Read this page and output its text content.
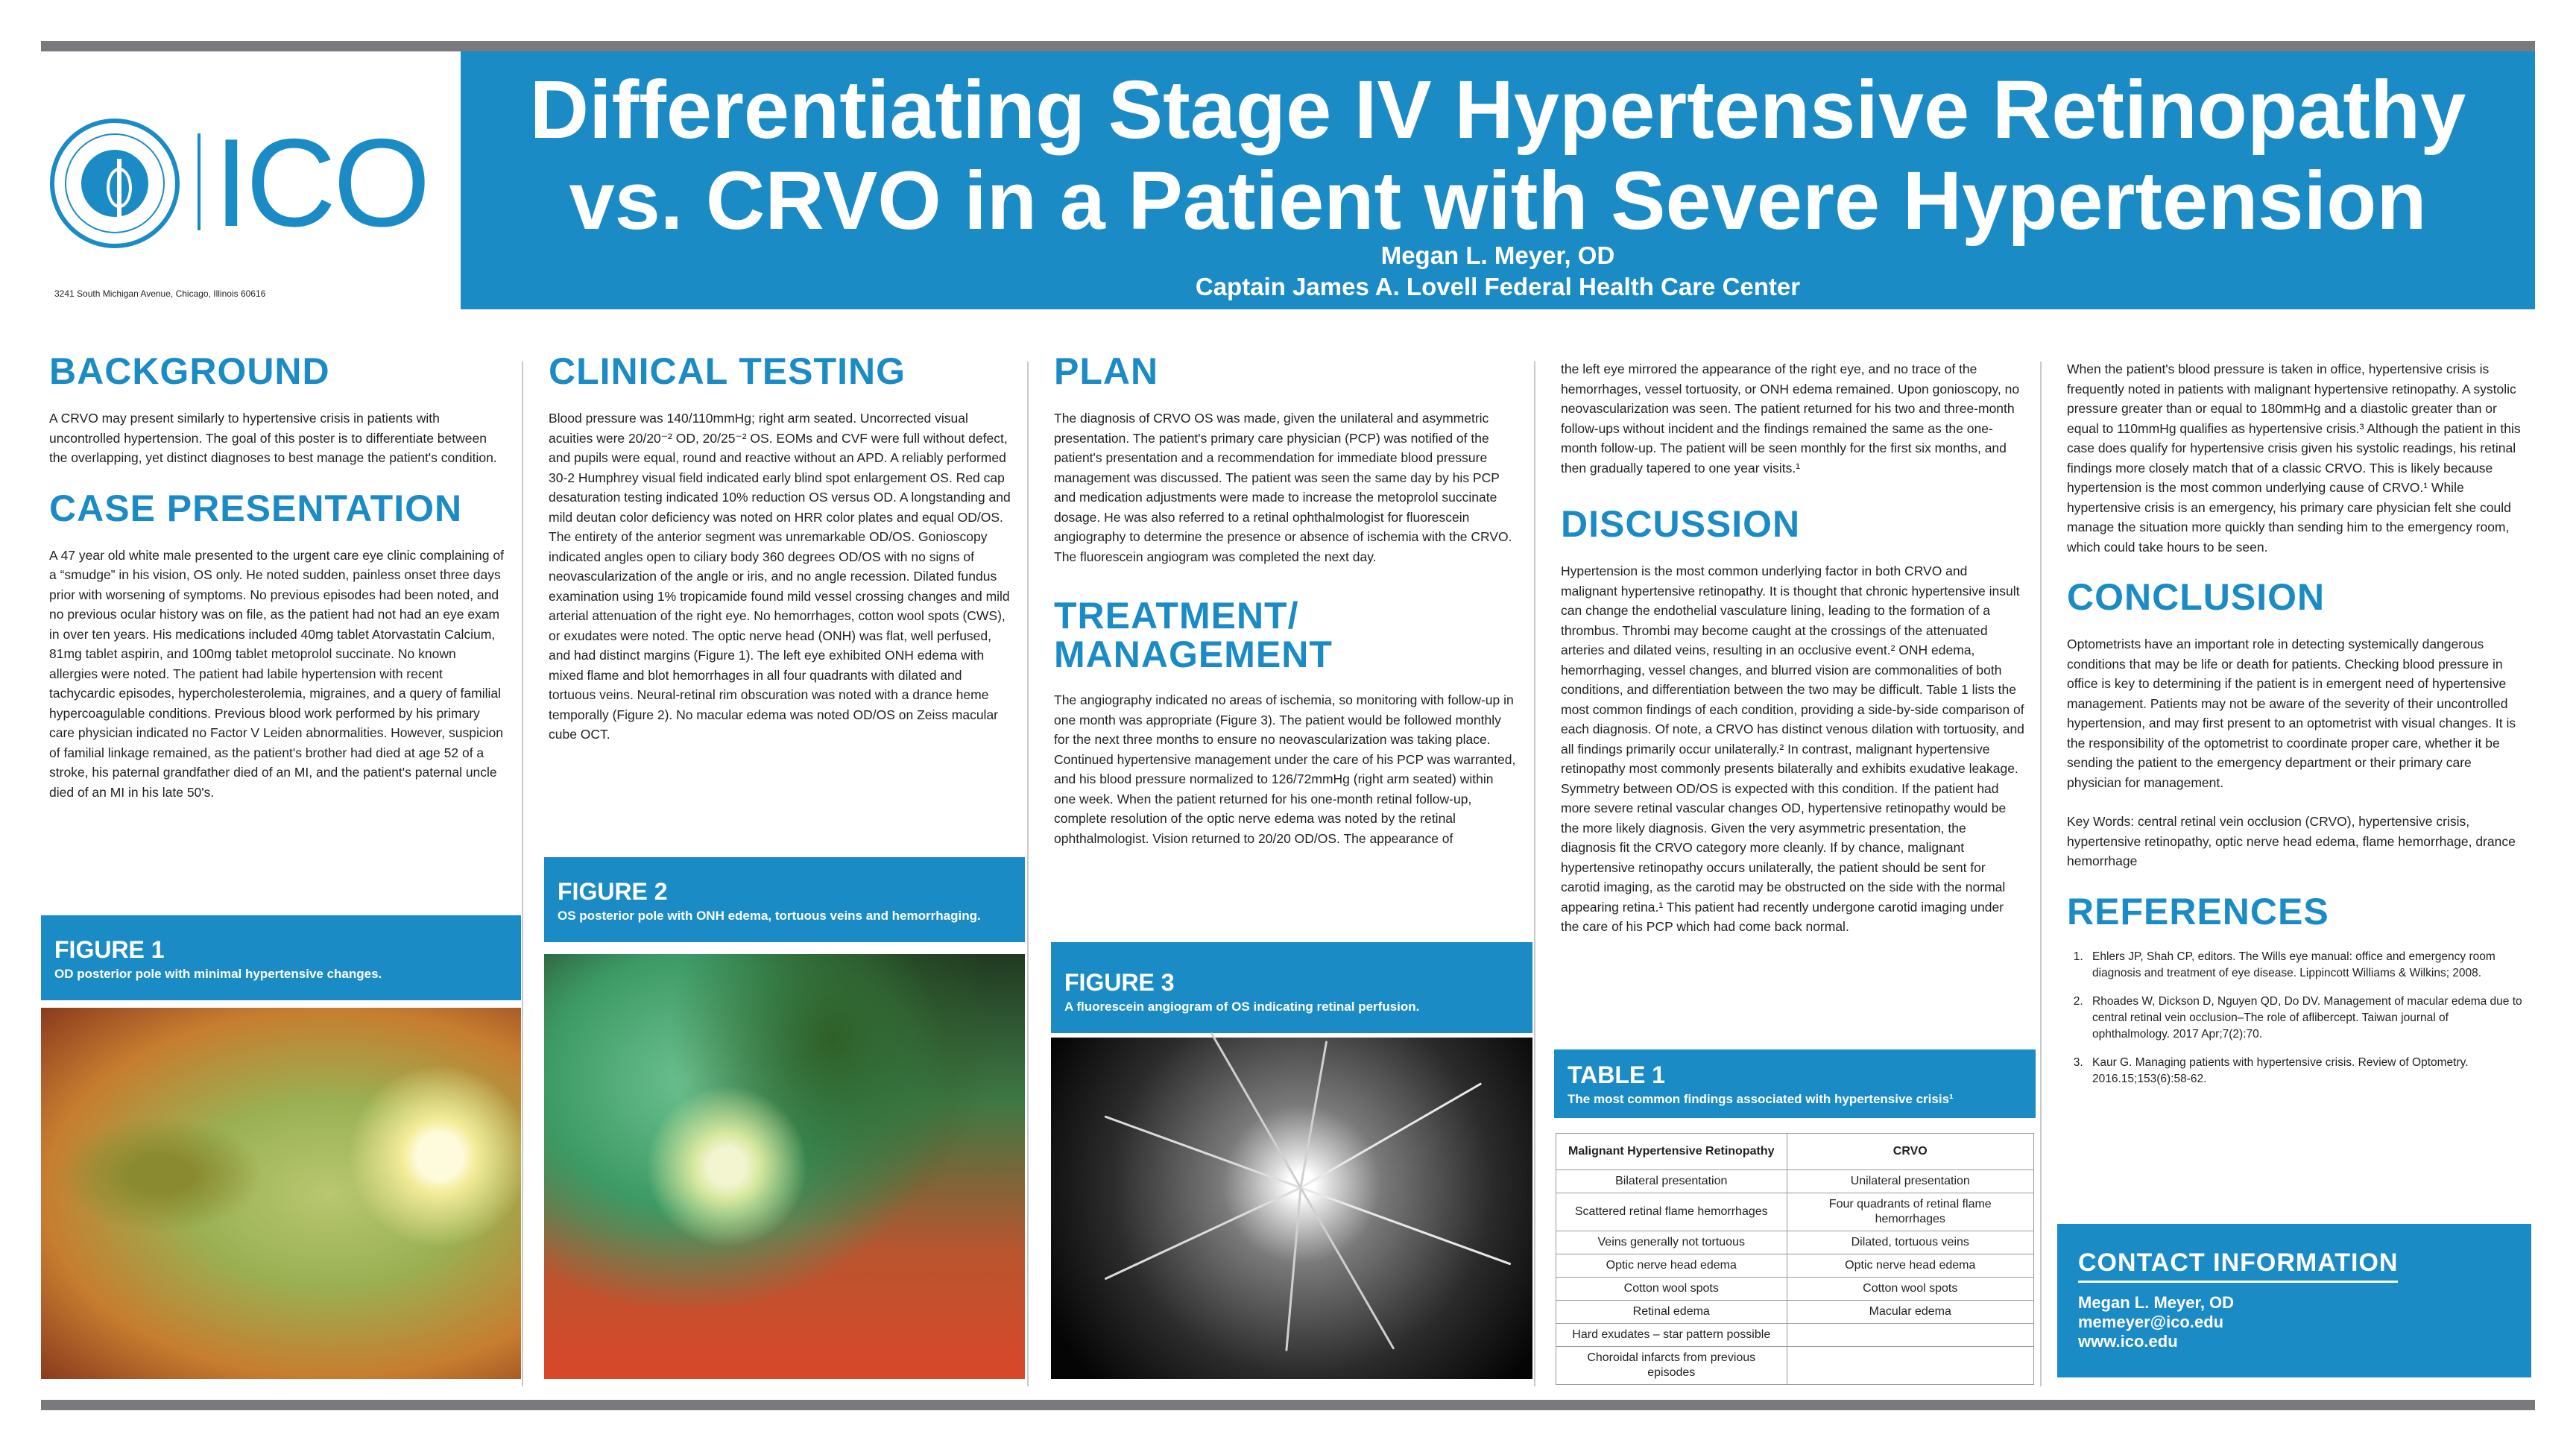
ICO
3241 South Michigan Avenue, Chicago, Illinois 60616
Differentiating Stage IV Hypertensive Retinopathy
vs. CRVO in a Patient with Severe Hypertension
Megan L. Meyer, OD
Captain James A. Lovell Federal Health Care Center
BACKGROUND

A CRVO may present similarly to hypertensive crisis in patients with uncontrolled hypertension. The goal of this poster is to differentiate between the overlapping, yet distinct diagnoses to best manage the patient's condition.

CASE PRESENTATION

A 47 year old white male presented to the urgent care eye clinic complaining of a “smudge” in his vision, OS only. He noted sudden, painless onset three days prior with worsening of symptoms. No previous episodes had been noted, and no previous ocular history was on file, as the patient had not had an eye exam in over ten years. His medications included 40mg tablet Atorvastatin Calcium, 81mg tablet aspirin, and 100mg tablet metoprolol succinate. No known allergies were noted. The patient had labile hypertension with recent tachycardic episodes, hypercholesterolemia, migraines, and a query of familial hypercoagulable conditions. Previous blood work performed by his primary care physician indicated no Factor V Leiden abnormalities. However, suspicion of familial linkage remained, as the patient's brother had died at age 52 of a stroke, his paternal grandfather died of an MI, and the patient's paternal uncle died of an MI in his late 50's.

FIGURE 1
OD posterior pole with minimal hypertensive changes.
CLINICAL TESTING

Blood pressure was 140/110mmHg; right arm seated. Uncorrected visual acuities were 20/20⁻² OD, 20/25⁻² OS. EOMs and CVF were full without defect, and pupils were equal, round and reactive without an APD. A reliably performed 30-2 Humphrey visual field indicated early blind spot enlargement OS. Red cap desaturation testing indicated 10% reduction OS versus OD. A longstanding and mild deutan color deficiency was noted on HRR color plates and equal OD/OS. The entirety of the anterior segment was unremarkable OD/OS. Gonioscopy indicated angles open to ciliary body 360 degrees OD/OS with no signs of neovascularization of the angle or iris, and no angle recession. Dilated fundus examination using 1% tropicamide found mild vessel crossing changes and mild arterial attenuation of the right eye. No hemorrhages, cotton wool spots (CWS), or exudates were noted. The optic nerve head (ONH) was flat, well perfused, and had distinct margins (Figure 1). The left eye exhibited ONH edema with mixed flame and blot hemorrhages in all four quadrants with dilated and tortuous veins. Neural-retinal rim obscuration was noted with a drance heme temporally (Figure 2). No macular edema was noted OD/OS on Zeiss macular cube OCT.

FIGURE 2
OS posterior pole with ONH edema, tortuous veins and hemorrhaging.
PLAN

The diagnosis of CRVO OS was made, given the unilateral and asymmetric presentation. The patient's primary care physician (PCP) was notified of the patient's presentation and a recommendation for immediate blood pressure management was discussed. The patient was seen the same day by his PCP and medication adjustments were made to increase the metoprolol succinate dosage. He was also referred to a retinal ophthalmologist for fluorescein angiography to determine the presence or absence of ischemia with the CRVO. The fluorescein angiogram was completed the next day.

TREATMENT/
MANAGEMENT

The angiography indicated no areas of ischemia, so monitoring with follow-up in one month was appropriate (Figure 3). The patient would be followed monthly for the next three months to ensure no neovascularization was taking place. Continued hypertensive management under the care of his PCP was warranted, and his blood pressure normalized to 126/72mmHg (right arm seated) within one week. When the patient returned for his one-month retinal follow-up, complete resolution of the optic nerve edema was noted by the retinal ophthalmologist. Vision returned to 20/20 OD/OS. The appearance of

FIGURE 3
A fluorescein angiogram of OS indicating retinal perfusion.

the left eye mirrored the appearance of the right eye, and no trace of the hemorrhages, vessel tortuosity, or ONH edema remained. Upon gonioscopy, no neovascularization was seen. The patient returned for his two and three-month follow-ups without incident and the findings remained the same as the one-month follow-up. The patient will be seen monthly for the first six months, and then gradually tapered to one year visits.¹

DISCUSSION

Hypertension is the most common underlying factor in both CRVO and malignant hypertensive retinopathy. It is thought that chronic hypertensive insult can change the endothelial vasculature lining, leading to the formation of a thrombus. Thrombi may become caught at the crossings of the attenuated arteries and dilated veins, resulting in an occlusive event.² ONH edema, hemorrhaging, vessel changes, and blurred vision are commonalities of both conditions, and differentiation between the two may be difficult. Table 1 lists the most common findings of each condition, providing a side-by-side comparison of each diagnosis. Of note, a CRVO has distinct venous dilation with tortuosity, and all findings primarily occur unilaterally.² In contrast, malignant hypertensive retinopathy most commonly presents bilaterally and exhibits exudative leakage. Symmetry between OD/OS is expected with this condition. If the patient had more severe retinal vascular changes OD, hypertensive retinopathy would be the more likely diagnosis. Given the very asymmetric presentation, the diagnosis fit the CRVO category more cleanly. If by chance, malignant hypertensive retinopathy occurs unilaterally, the patient should be sent for carotid imaging, as the carotid may be obstructed on the side with the normal appearing retina.¹ This patient had recently undergone carotid imaging under the care of his PCP which had come back normal.

TABLE 1
The most common findings associated with hypertensive crisis¹
Malignant Hypertensive Retinopathy	CRVO
Bilateral presentation	Unilateral presentation
Scattered retinal flame hemorrhages	Four quadrants of retinal flame hemorrhages
Veins generally not tortuous	Dilated, tortuous veins
Optic nerve head edema	Optic nerve head edema
Cotton wool spots	Cotton wool spots
Retinal edema	Macular edema
Hard exudates – star pattern possible	
Choroidal infarcts from previous episodes	

When the patient's blood pressure is taken in office, hypertensive crisis is frequently noted in patients with malignant hypertensive retinopathy. A systolic pressure greater than or equal to 180mmHg and a diastolic greater than or equal to 110mmHg qualifies as hypertensive crisis.³ Although the patient in this case does qualify for hypertensive crisis given his systolic readings, his retinal findings more closely match that of a classic CRVO. This is likely because hypertension is the most common underlying cause of CRVO.¹ While hypertensive crisis is an emergency, his primary care physician felt she could manage the situation more quickly than sending him to the emergency room, which could take hours to be seen.

CONCLUSION

Optometrists have an important role in detecting systemically dangerous conditions that may be life or death for patients. Checking blood pressure in office is key to determining if the patient is in emergent need of hypertensive management. Patients may not be aware of the severity of their uncontrolled hypertension, and may first present to an optometrist with visual changes. It is the responsibility of the optometrist to coordinate proper care, whether it be sending the patient to the emergency department or their primary care physician for management.

Key Words: central retinal vein occlusion (CRVO), hypertensive crisis, hypertensive retinopathy, optic nerve head edema, flame hemorrhage, drance hemorrhage

REFERENCES
1. Ehlers JP, Shah CP, editors. The Wills eye manual: office and emergency room diagnosis and treatment of eye disease. Lippincott Williams & Wilkins; 2008.
2. Rhoades W, Dickson D, Nguyen QD, Do DV. Management of macular edema due to central retinal vein occlusion–The role of aflibercept. Taiwan journal of ophthalmology. 2017 Apr;7(2):70.
3. Kaur G. Managing patients with hypertensive crisis. Review of Optometry. 2016.15;153(6):58-62.
CONTACT INFORMATION
Megan L. Meyer, OD
memeyer@ico.edu
www.ico.edu
